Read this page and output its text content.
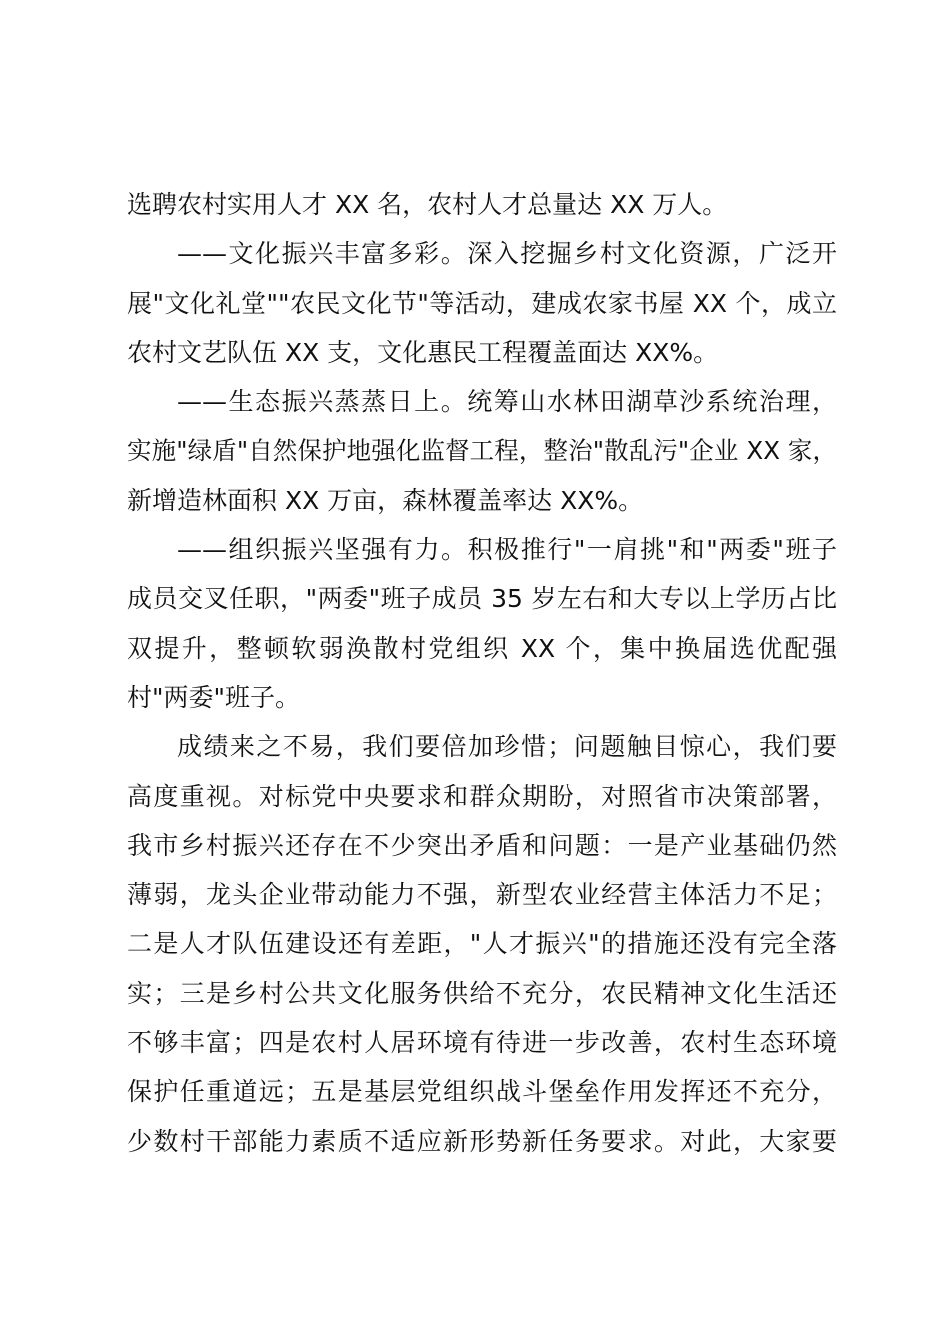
选聘农村实用人才 XX 名，农村人才总量达 XX 万人。
——文化振兴丰富多彩。深入挖掘乡村文化资源，广泛开
展"文化礼堂""农民文化节"等活动，建成农家书屋 XX 个，成立
农村文艺队伍 XX 支，文化惠民工程覆盖面达 XX%。
——生态振兴蒸蒸日上。统筹山水林田湖草沙系统治理，
实施"绿盾"自然保护地强化监督工程，整治"散乱污"企业 XX 家，
新增造林面积 XX 万亩，森林覆盖率达 XX%。
——组织振兴坚强有力。积极推行"一肩挑"和"两委"班子
成员交叉任职，"两委"班子成员 35 岁左右和大专以上学历占比
双提升，整顿软弱涣散村党组织 XX 个，集中换届选优配强
村"两委"班子。
成绩来之不易，我们要倍加珍惜；问题触目惊心，我们要
高度重视。对标党中央要求和群众期盼，对照省市决策部署，
我市乡村振兴还存在不少突出矛盾和问题：一是产业基础仍然
薄弱，龙头企业带动能力不强，新型农业经营主体活力不足；
二是人才队伍建设还有差距，"人才振兴"的措施还没有完全落
实；三是乡村公共文化服务供给不充分，农民精神文化生活还
不够丰富；四是农村人居环境有待进一步改善，农村生态环境
保护任重道远；五是基层党组织战斗堡垒作用发挥还不充分，
少数村干部能力素质不适应新形势新任务要求。对此，大家要
